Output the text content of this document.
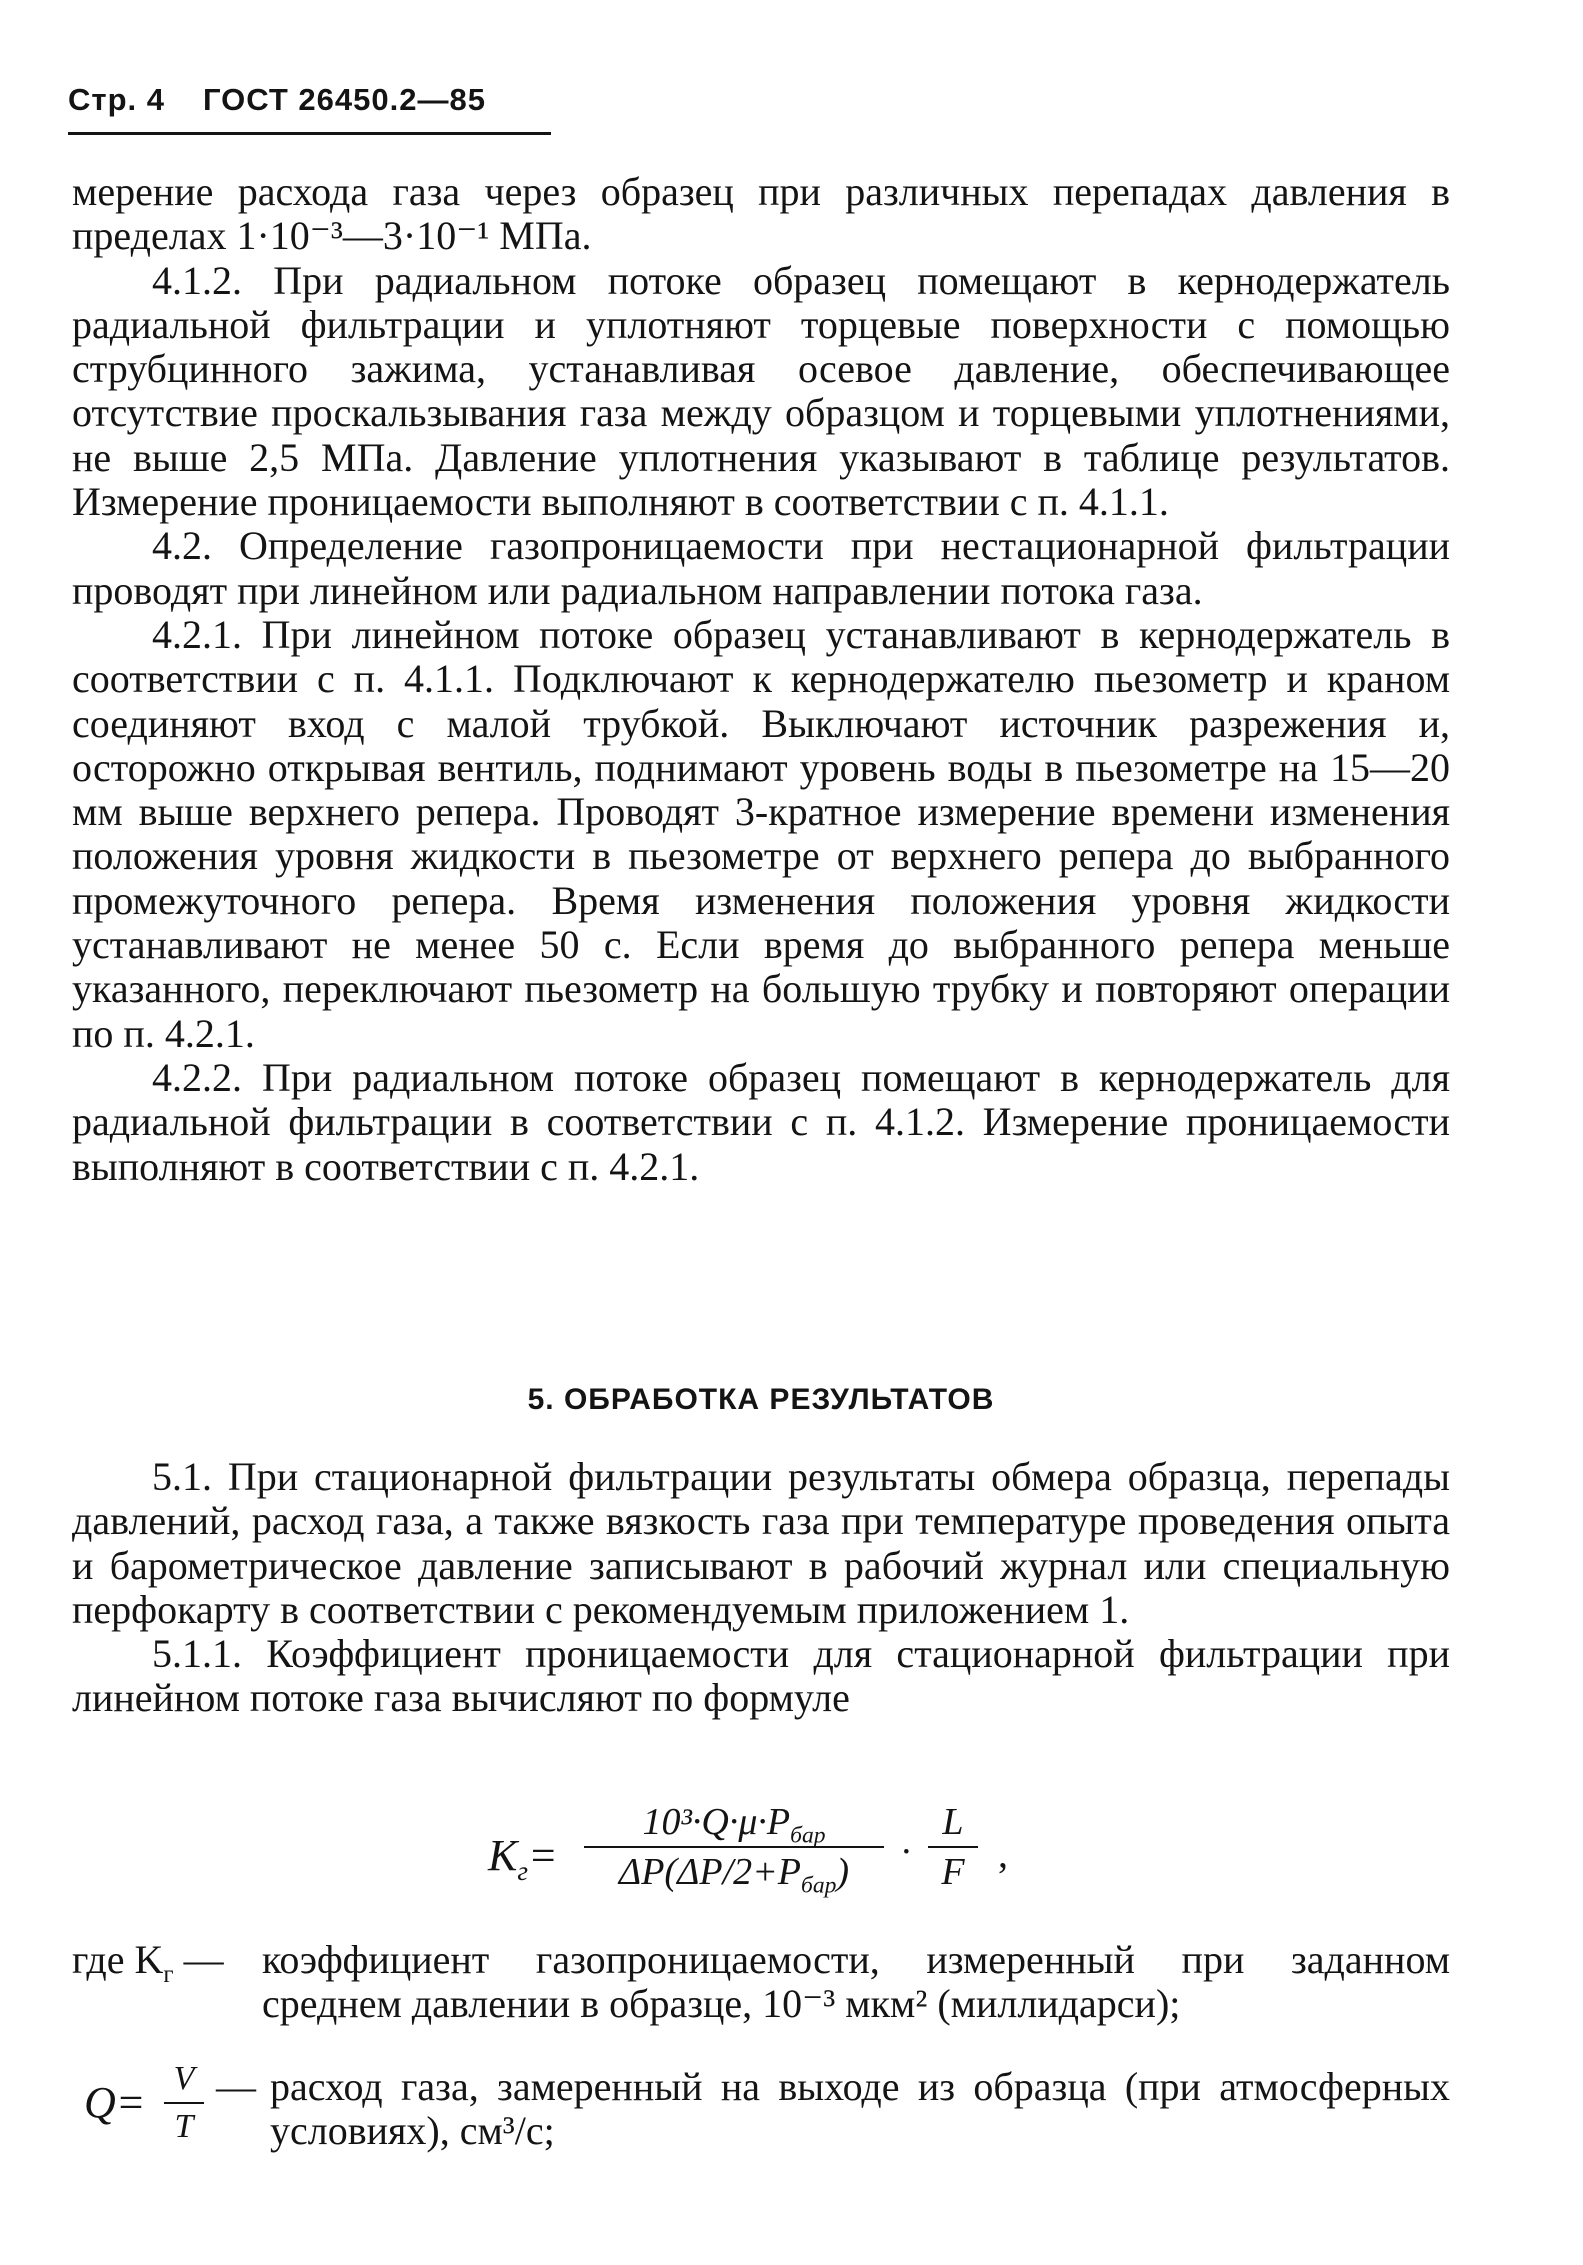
Стр. 4 ГОСТ 26450.2—85

мерение расхода газа через образец при различных перепадах давления в пределах 1·10⁻³—3·10⁻¹ МПа.

4.1.2. При радиальном потоке образец помещают в кернодержатель радиальной фильтрации и уплотняют торцевые поверхности с помощью струбцинного зажима, устанавливая осевое давление, обеспечивающее отсутствие проскальзывания газа между образцом и торцевыми уплотнениями, не выше 2,5 МПа. Давление уплотнения указывают в таблице результатов. Измерение проницаемости выполняют в соответствии с п. 4.1.1.

4.2. Определение газопроницаемости при нестационарной фильтрации проводят при линейном или радиальном направлении потока газа.

4.2.1. При линейном потоке образец устанавливают в кернодержатель в соответствии с п. 4.1.1. Подключают к кернодержателю пьезометр и краном соединяют вход с малой трубкой. Выключают источник разрежения и, осторожно открывая вентиль, поднимают уровень воды в пьезометре на 15—20 мм выше верхнего репера. Проводят 3-кратное измерение времени изменения положения уровня жидкости в пьезометре от верхнего репера до выбранного промежуточного репера. Время изменения положения уровня жидкости устанавливают не менее 50 с. Если время до выбранного репера меньше указанного, переключают пьезометр на большую трубку и повторяют операции по п. 4.2.1.

4.2.2. При радиальном потоке образец помещают в кернодержатель для радиальной фильтрации в соответствии с п. 4.1.2. Измерение проницаемости выполняют в соответствии с п. 4.2.1.

5. ОБРАБОТКА РЕЗУЛЬТАТОВ

5.1. При стационарной фильтрации результаты обмера образца, перепады давлений, расход газа, а также вязкость газа при температуре проведения опыта и барометрическое давление записывают в рабочий журнал или специальную перфокарту в соответствии с рекомендуемым приложением 1.

5.1.1. Коэффициент проницаемости для стационарной фильтрации при линейном потоке газа вычисляют по формуле

$K_г=$
$10^3\cdot Q\cdot\mu\cdot P_{бар}$
$\Delta P(\Delta P/2+P_{бар})$	·
L
F ,
где $K_г$ — коэффициент газопроницаемости, измеренный при заданном среднем давлении в образце, 10⁻³ мкм² (миллидарси);
Q= V
T
— расход газа, замеренный на выходе из образца (при атмосферных условиях), см³/с;
